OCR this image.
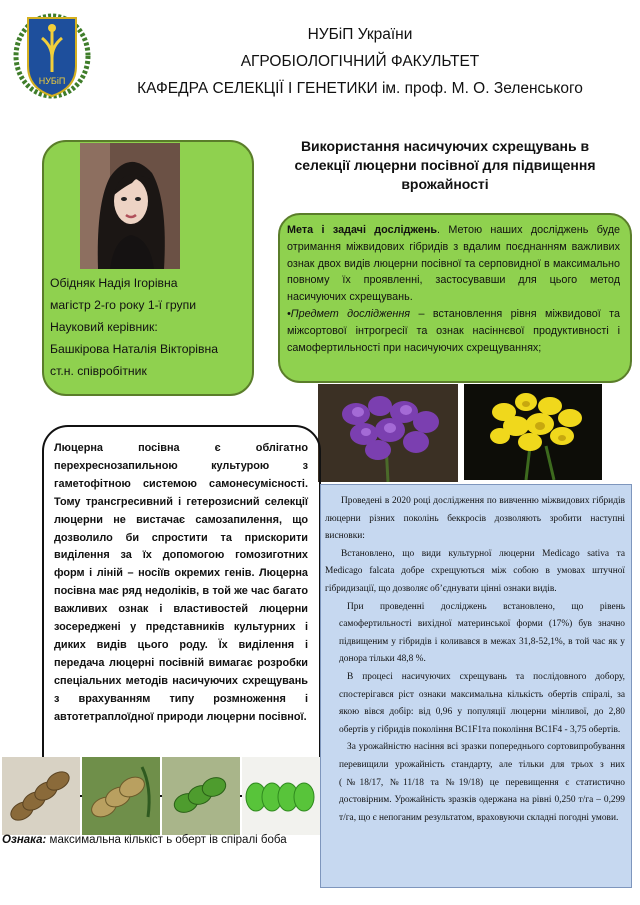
НУБіП
НУБіП України
АГРОБІОЛОГІЧНИЙ ФАКУЛЬТЕТ
КАФЕДРА СЕЛЕКЦІЇ І ГЕНЕТИКИ ім. проф. М. О. Зеленського
Використання насичуючих схрещувань в селекції люцерни посівної для підвищення врожайності
Обідняк Надія Ігорівна
магістр 2-го року 1-ї групи
Науковий керівник:
Башкірова Наталія Вікторівна
ст.н. співробітник
Мета і задачі досліджень. Метою наших досліджень буде отримання міжвидових гібридів з вдалим поєднанням важливих ознак двох видів люцерни посівної та серповидної в максимально повному їх проявленні, застосувавши для цього метод насичуючих схрещувань.
•Предмет дослідження – встановлення рівня міжвидової та міжсортової інтрогресії та ознак насіннєвої продуктивності і самофертильності при насичуючих схрещуваннях;
Люцерна посівна є облігатно перехреснозапильною культурою з гаметофітною системою самонесумісності. Тому трансгресивний і гетерозисний селекції люцерни не вистачає самозапилення, що дозволило би спростити та прискорити виділення за їх допомогою гомозиготних форм і ліній – носіїв окремих генів. Люцерна посівна має ряд недоліків, в той же час багато важливих ознак і властивостей люцерни зосереджені у представників культурних і диких видів цього роду. Їх виділення і передача люцерні посівній вимагає розробки спеціальних методів насичуючих схрещувань з врахуванням типу розмноження і автотетраплоїдної природи люцерни посівної.

Проведені в 2020 році дослідження по вивченню міжвидових гібридів люцерни різних поколінь беккросів дозволяють зробити наступні висновки:

Встановлено, що види культурної люцерни Medicago sativa та Medicago falcata добре схрещуються між собою в умовах штучної гібридизації, що дозволяє об’єднувати цінні ознаки видів.

При проведенні досліджень встановлено, що рівень самофертильності вихідної материнської форми (17%) був значно підвищеним у гібридів і коливався в межах 31,8-52,1%, в той час як у донора тільки 48,8 %.

В процесі насичуючих схрещувань та послідовного добору, спостерігався ріст ознаки максимальна кількість обертів спіралі, за якою вівся добір: від 0,96 у популяції люцерни мінливої, до 2,80 обертів у гібридів покоління BC1F1та покоління BC1F4 - 3,75 обертів.

За урожайністю насіння всі зразки попереднього сортовипробування перевищили урожайність стандарту, але тільки для трьох з них (№18/17, №11/18 та №19/18) це перевищення є статистично достовірним. Урожайність зразків одержана на рівні 0,250 т/га – 0,299 т/га, що є непоганим результатом, враховуючи складні погодні умови.

Ознака: максимальна кількіст ь оберт ів спіралі боба
